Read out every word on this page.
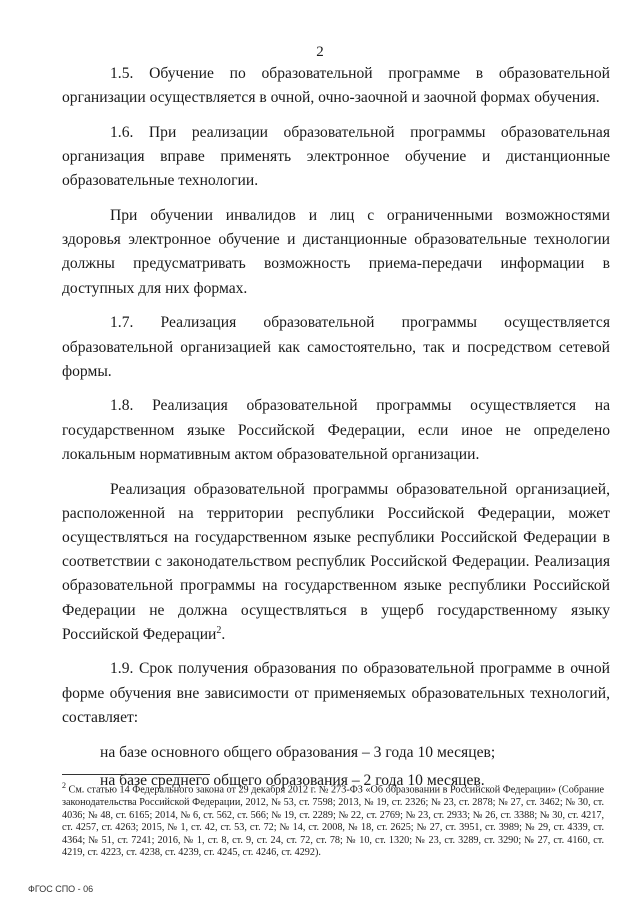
2

1.5. Обучение по образовательной программе в образовательной организации осуществляется в очной, очно-заочной и заочной формах обучения.

1.6. При реализации образовательной программы образовательная организация вправе применять электронное обучение и дистанционные образовательные технологии.

При обучении инвалидов и лиц с ограниченными возможностями здоровья электронное обучение и дистанционные образовательные технологии должны предусматривать возможность приема-передачи информации в доступных для них формах.

1.7. Реализация образовательной программы осуществляется образовательной организацией как самостоятельно, так и посредством сетевой формы.

1.8. Реализация образовательной программы осуществляется на государственном языке Российской Федерации, если иное не определено локальным нормативным актом образовательной организации.

Реализация образовательной программы образовательной организацией, расположенной на территории республики Российской Федерации, может осуществляться на государственном языке республики Российской Федерации в соответствии с законодательством республик Российской Федерации. Реализация образовательной программы на государственном языке республики Российской Федерации не должна осуществляться в ущерб государственному языку Российской Федерации$^2$.

1.9. Срок получения образования по образовательной программе в очной форме обучения вне зависимости от применяемых образовательных технологий, составляет:

на базе основного общего образования – 3 года 10 месяцев;

на базе среднего общего образования – 2 года 10 месяцев.

$^2$ См. статью 14 Федерального закона от 29 декабря 2012 г. № 273-ФЗ «Об образовании в Российской Федерации» (Собрание законодательства Российской Федерации, 2012, № 53, ст. 7598; 2013, № 19, ст. 2326; № 23, ст. 2878; № 27, ст. 3462; № 30, ст. 4036; № 48, ст. 6165; 2014, № 6, ст. 562, ст. 566; № 19, ст. 2289; № 22, ст. 2769; № 23, ст. 2933; № 26, ст. 3388; № 30, ст. 4217, ст. 4257, ст. 4263; 2015, № 1, ст. 42, ст. 53, ст. 72; № 14, ст. 2008, № 18, ст. 2625; № 27, ст. 3951, ст. 3989; № 29, ст. 4339, ст. 4364; № 51, ст. 7241; 2016, № 1, ст. 8, ст. 9, ст. 24, ст. 72, ст. 78; № 10, ст. 1320; № 23, ст. 3289, ст. 3290; № 27, ст. 4160, ст. 4219, ст. 4223, ст. 4238, ст. 4239, ст. 4245, ст. 4246, ст. 4292).
ФГОС СПО - 06
